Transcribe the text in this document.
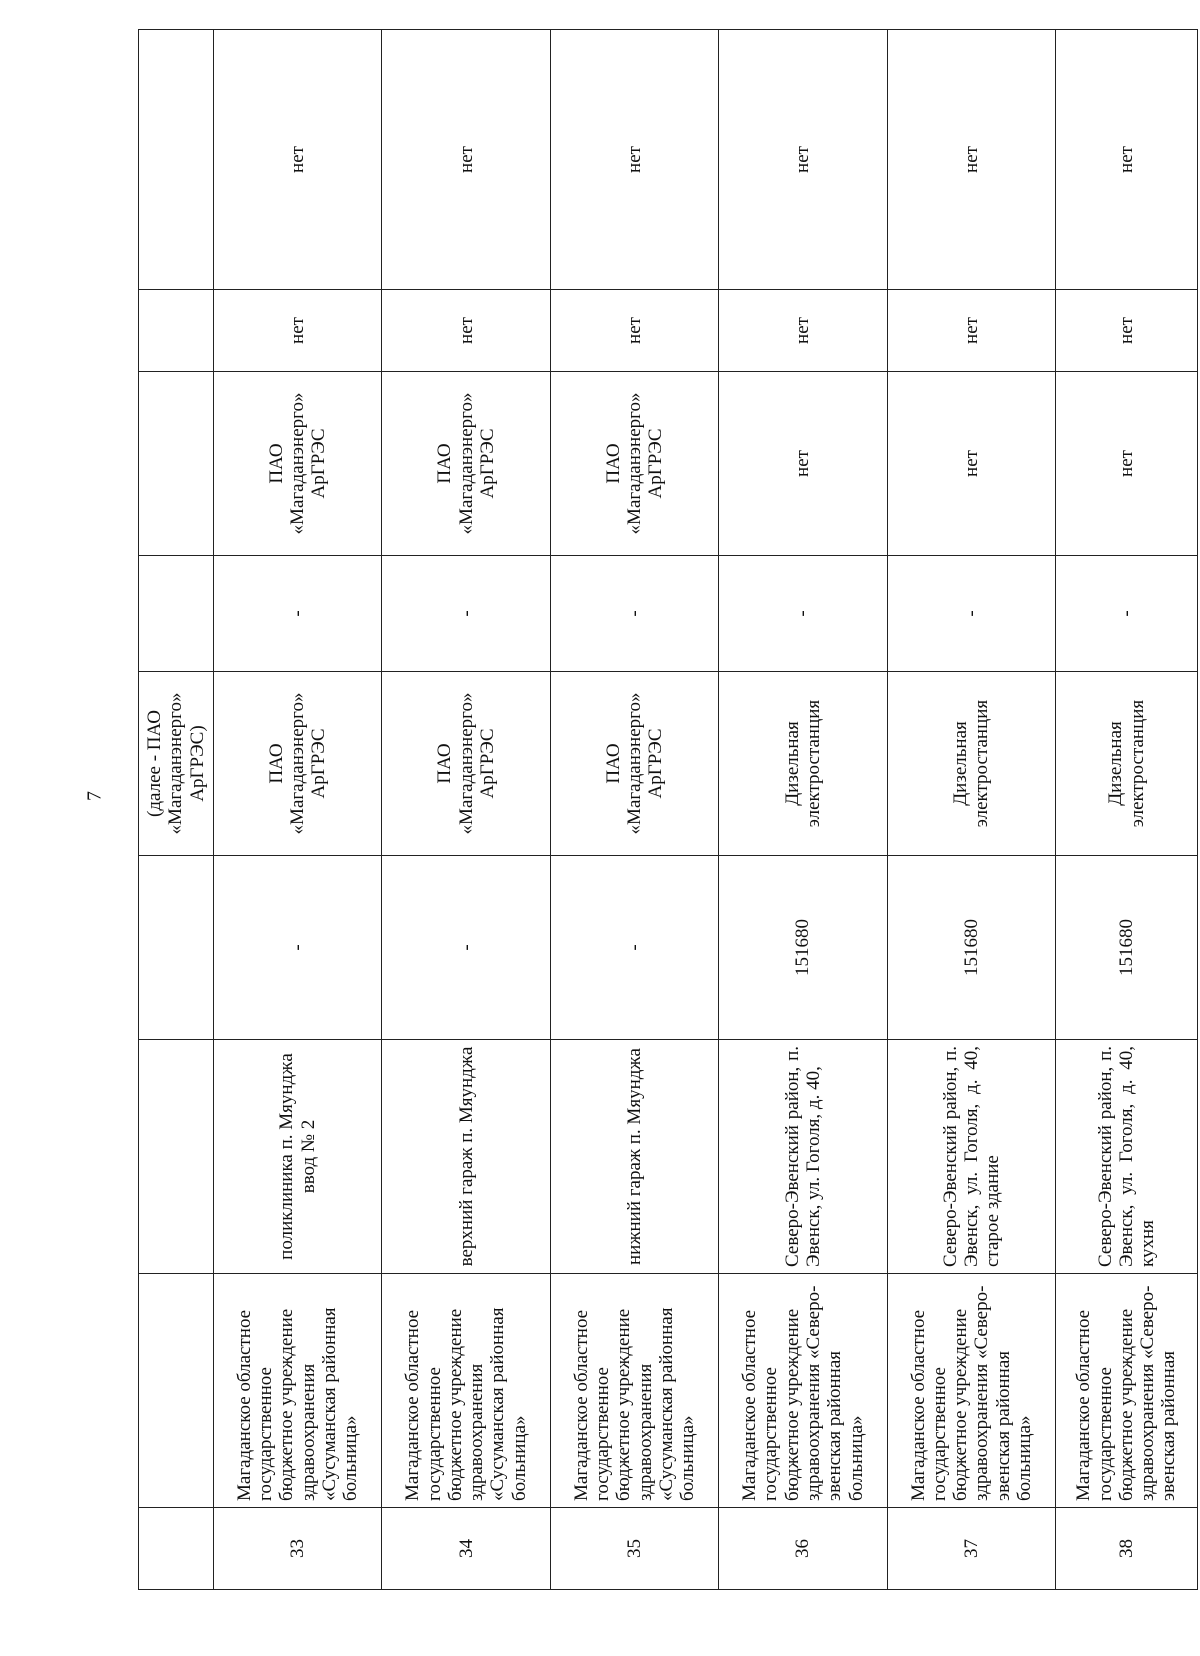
7
				(далее - ПАО «Магаданэнерго» АрГРЭС)				
33	Магаданское областное государственное бюджетное учреждение здравоохранения «Сусуманская районная больница»	поликлиника п. Мяунджа ввод № 2	-	ПАО «Магаданэнерго» АрГРЭС	-	ПАО «Магаданэнерго» АрГРЭС	нет	нет
34	Магаданское областное государственное бюджетное учреждение здравоохранения «Сусуманская районная больница»	верхний гараж п. Мяунджа	-	ПАО «Магаданэнерго» АрГРЭС	-	ПАО «Магаданэнерго» АрГРЭС	нет	нет
35	Магаданское областное государственное бюджетное учреждение здравоохранения «Сусуманская районная больница»	нижний гараж п. Мяунджа	-	ПАО «Магаданэнерго» АрГРЭС	-	ПАО «Магаданэнерго» АрГРЭС	нет	нет
36	Магаданское областное государственное бюджетное учреждение здравоохранения «Северо-эвенская районная больница»	Северо-Эвенский район, п. Эвенск, ул. Гоголя, д. 40,	151680	Дизельная электростанция	-	нет	нет	нет
37	Магаданское областное государственное бюджетное учреждение здравоохранения «Северо-эвенская районная больница»	Северо-Эвенский район, п. Эвенск, ул. Гоголя, д. 40, старое здание	151680	Дизельная электростанция	-	нет	нет	нет
38	Магаданское областное государственное бюджетное учреждение здравоохранения «Северо-эвенская районная	Северо-Эвенский район, п. Эвенск, ул. Гоголя, д. 40, кухня	151680	Дизельная электростанция	-	нет	нет	нет
